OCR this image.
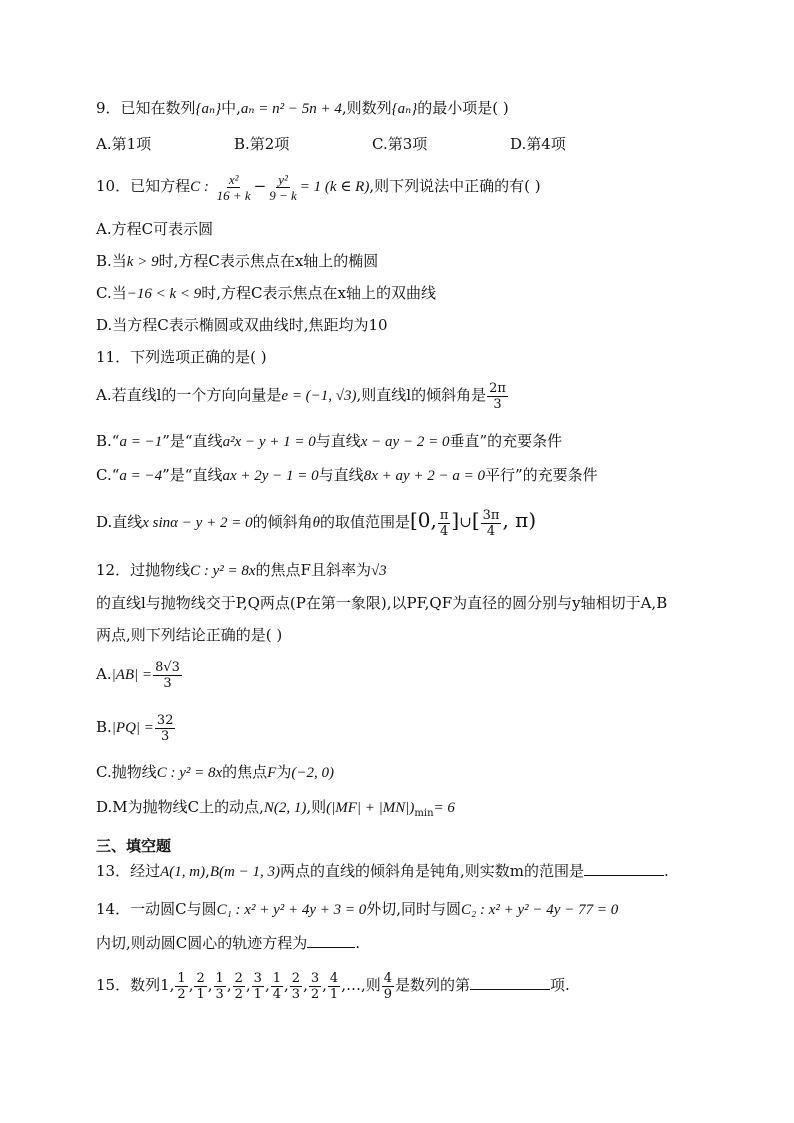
9．已知在数列{aₙ}中,aₙ = n² − 5n + 4,则数列{aₙ}的最小项是( )
A.第1项	B.第2项	C.第3项	D.第4项
10．已知方程C : $\frac{\text{x²}}{16 + k} - \frac{\text{y²}}{9 - k} = 1$ (k ∈ R),则下列说法中正确的有( )
A.方程C可表示圆
B.当k > 9时,方程C表示焦点在x轴上的椭圆
C.当−16 < k < 9时,方程C表示焦点在x轴上的双曲线
D.当方程C表示椭圆或双曲线时,焦距均为10
11．下列选项正确的是( )
A.若直线l的一个方向向量是e = (−1, √3),则直线l的倾斜角是 $\frac{2\pi}{3}$
B.“a = −1”是“直线a²x − y + 1 = 0与直线x − ay − 2 = 0垂直”的充要条件
C.“a = −4”是“直线ax + 2y − 1 = 0与直线8x + ay + 2 − a = 0平行”的充要条件
D.直线x sinα − y + 2 = 0的倾斜角θ的取值范围是[0, $\frac{\pi}{4}$ ]∪[ $\frac{3\pi}{4}$ , π)
12．过抛物线C : y² = 8x的焦点F且斜率为√3
的直线l与抛物线交于P,Q两点(P在第一象限),以PF,QF为直径的圆分别与y轴相切于A,B
两点,则下列结论正确的是( )
$A.|AB| = \frac{8√3}{3}$
$B.|PQ| = \frac{32}{3}$
C.抛物线C : y² = 8x的焦点F为(−2, 0)
D.M为抛物线C上的动点,N(2, 1),则$(|MF| + |MN|)_{min}= 6$
三、填空题
13．经过A(1, m),B(m − 1, 3)两点的直线的倾斜角是钝角,则实数m的范围是	.
14．一动圆C与圆C₁ : x² + y² + 4y + 3 = 0外切,同时与圆C₂ : x² + y² − 4y − 77 = 0
内切,则动圆C圆心的轨迹方程为	.
15．数列1, $\frac{1}{2}$ , $\frac{2}{1}$ , $\frac{1}{3}$ , $\frac{2}{2}$ , $\frac{3}{1}$ , $\frac{1}{4}$ , $\frac{2}{3}$ , $\frac{3}{2}$ , $\frac{4}{1}$ ,…,则 $\frac{4}{9}$ 是数列的第	项.
